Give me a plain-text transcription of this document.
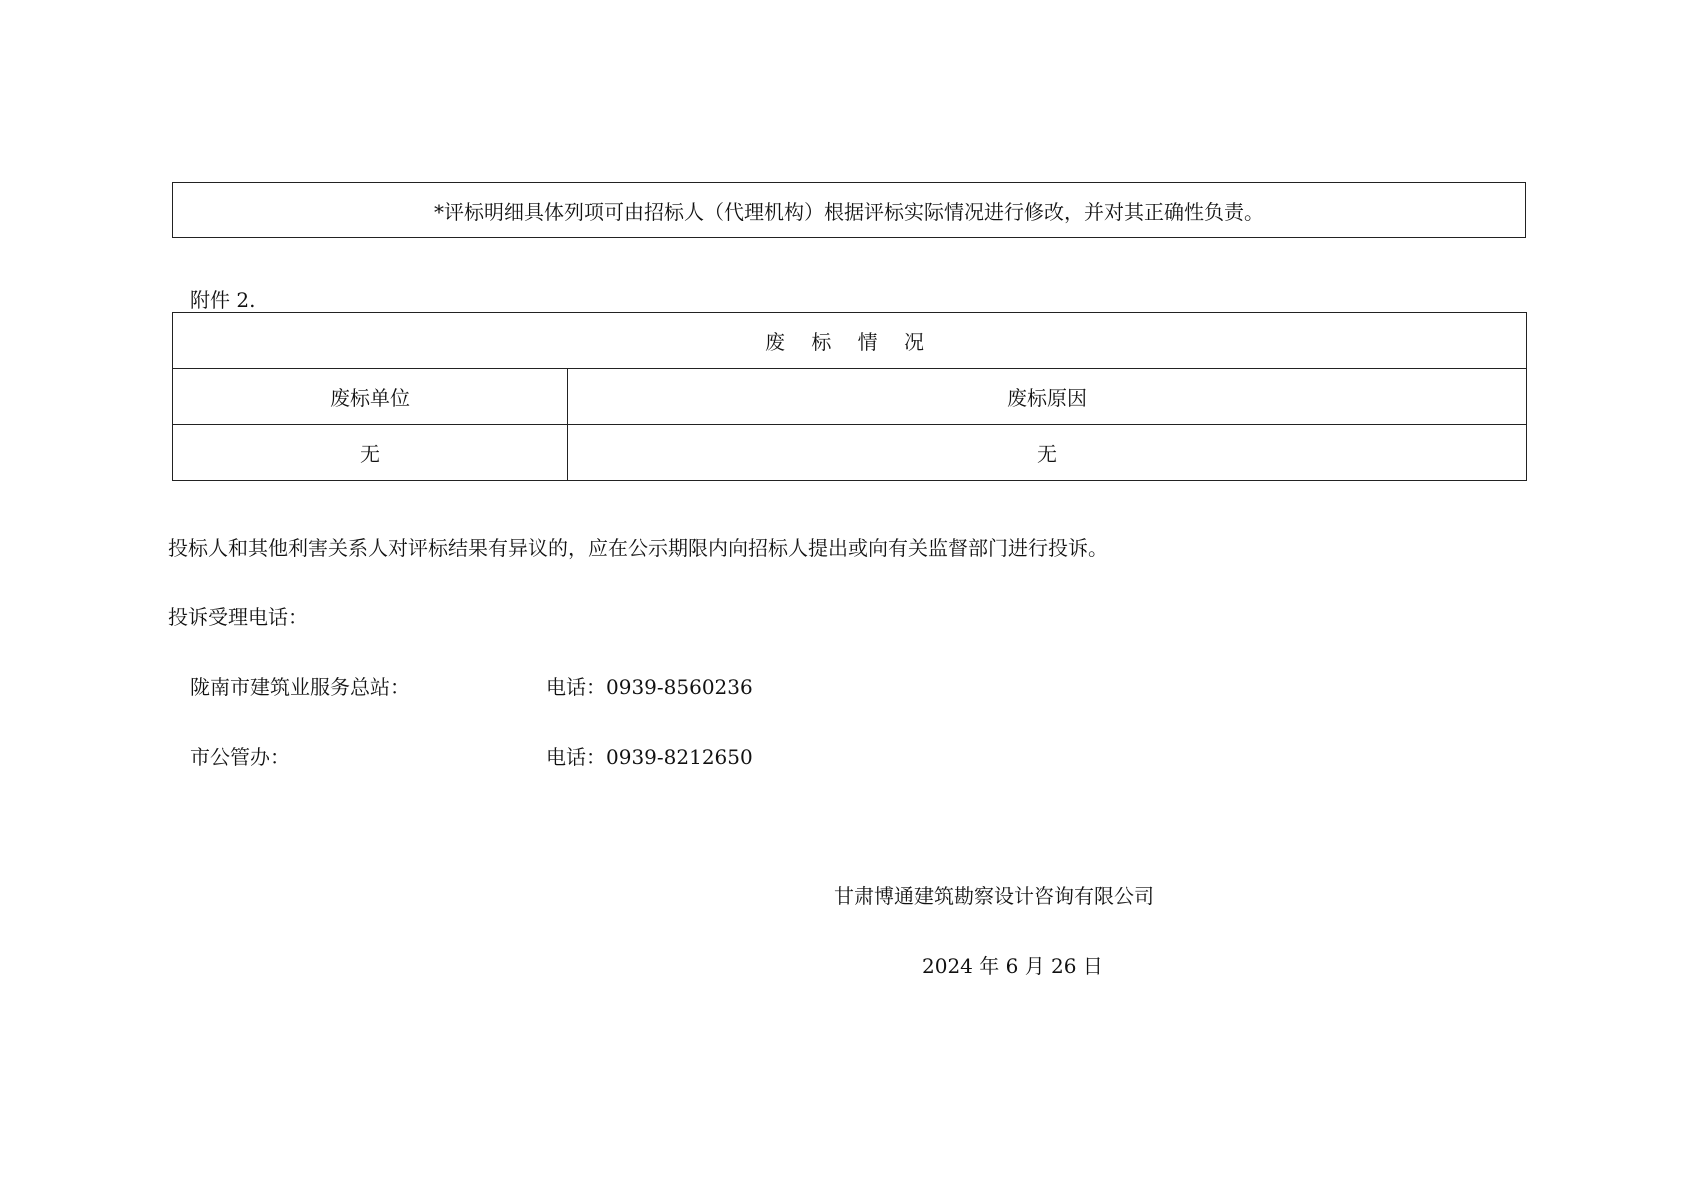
*评标明细具体列项可由招标人（代理机构）根据评标实际情况进行修改，并对其正确性负责。
附件 2.
废 标 情 况	
废标单位	废标原因
无	无
投标人和其他利害关系人对评标结果有异议的，应在公示期限内向招标人提出或向有关监督部门进行投诉。
投诉受理电话：
陇南市建筑业服务总站：	电话：0939-8560236
市公管办：	电话：0939-8212650
甘肃博通建筑勘察设计咨询有限公司
2024 年 6 月 26 日
